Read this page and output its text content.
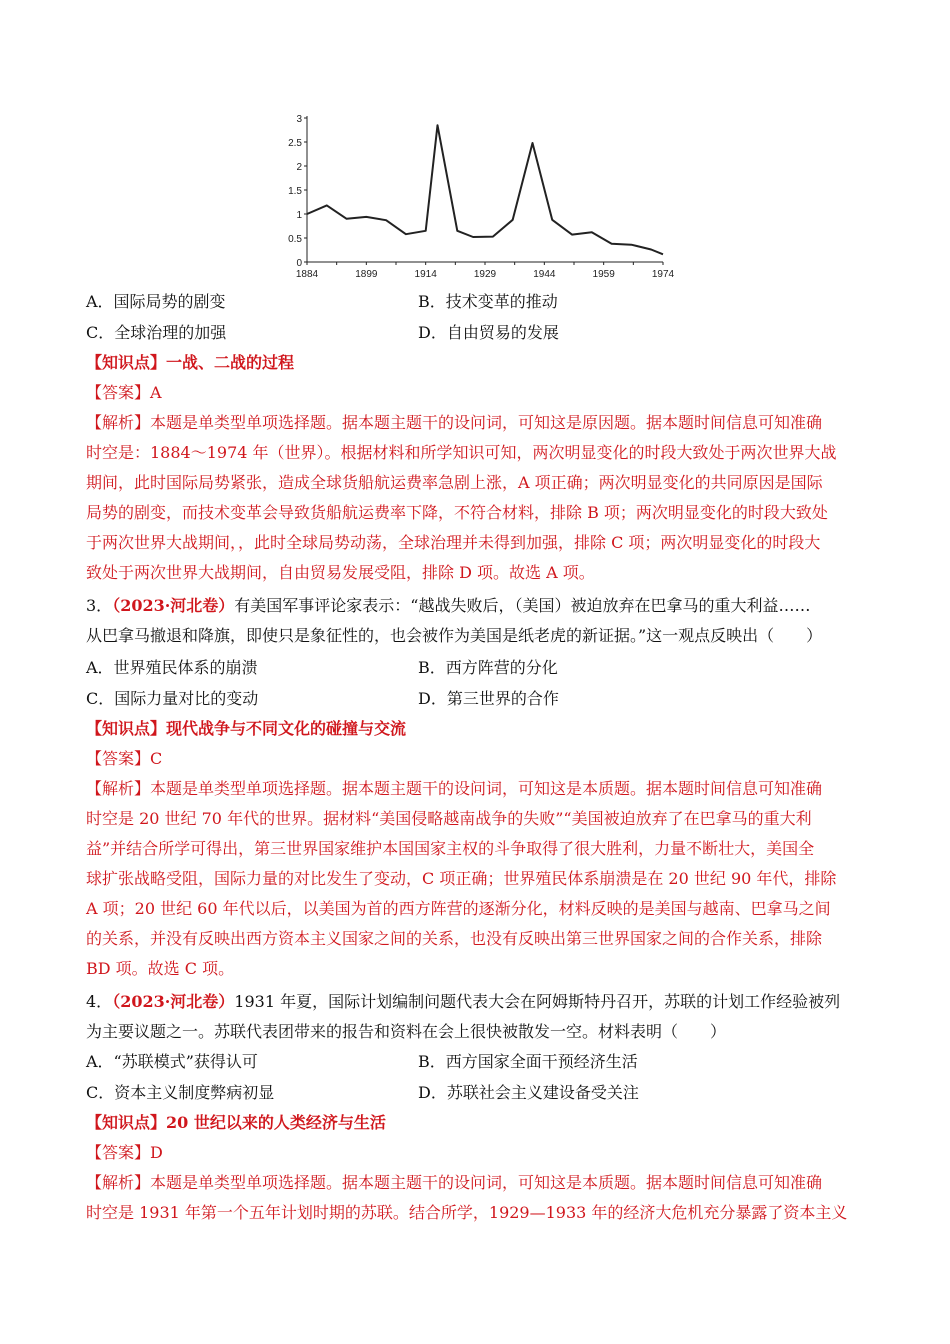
0
0.5
1
1.5
2
2.5
3
1884	1899	1914	1929	1944	1959	1974
A．国际局势的剧变	B．技术变革的推动
C．全球治理的加强	D．自由贸易的发展
【知识点】一战、二战的过程
【答案】A
【解析】本题是单类型单项选择题。据本题主题干的设问词，可知这是原因题。据本题时间信息可知准确
时空是：1884～1974 年（世界）。根据材料和所学知识可知，两次明显变化的时段大致处于两次世界大战
期间，此时国际局势紧张，造成全球货船航运费率急剧上涨，A 项正确；两次明显变化的共同原因是国际
局势的剧变，而技术变革会导致货船航运费率下降，不符合材料，排除 B 项；两次明显变化的时段大致处
于两次世界大战期间，，此时全球局势动荡，全球治理并未得到加强，排除 C 项；两次明显变化的时段大
致处于两次世界大战期间，自由贸易发展受阻，排除 D 项。故选 A 项。
3．（2023·河北卷）有美国军事评论家表示：“越战失败后，（美国）被迫放弃在巴拿马的重大利益……
从巴拿马撤退和降旗，即使只是象征性的，也会被作为美国是纸老虎的新证据。”这一观点反映出（　　）
A．世界殖民体系的崩溃	B．西方阵营的分化
C．国际力量对比的变动	D．第三世界的合作
【知识点】现代战争与不同文化的碰撞与交流
【答案】C
【解析】本题是单类型单项选择题。据本题主题干的设问词，可知这是本质题。据本题时间信息可知准确
时空是 20 世纪 70 年代的世界。据材料“美国侵略越南战争的失败”“美国被迫放弃了在巴拿马的重大利
益”并结合所学可得出，第三世界国家维护本国国家主权的斗争取得了很大胜利，力量不断壮大，美国全
球扩张战略受阻，国际力量的对比发生了变动，C 项正确；世界殖民体系崩溃是在 20 世纪 90 年代，排除
A 项；20 世纪 60 年代以后，以美国为首的西方阵营的逐渐分化，材料反映的是美国与越南、巴拿马之间
的关系，并没有反映出西方资本主义国家之间的关系，也没有反映出第三世界国家之间的合作关系，排除
BD 项。故选 C 项。
4．（2023·河北卷）1931 年夏，国际计划编制问题代表大会在阿姆斯特丹召开，苏联的计划工作经验被列
为主要议题之一。苏联代表团带来的报告和资料在会上很快被散发一空。材料表明（　　）
A．“苏联模式”获得认可	B．西方国家全面干预经济生活
C．资本主义制度弊病初显	D．苏联社会主义建设备受关注
【知识点】20 世纪以来的人类经济与生活
【答案】D
【解析】本题是单类型单项选择题。据本题主题干的设问词，可知这是本质题。据本题时间信息可知准确
时空是 1931 年第一个五年计划时期的苏联。结合所学，1929—1933 年的经济大危机充分暴露了资本主义
